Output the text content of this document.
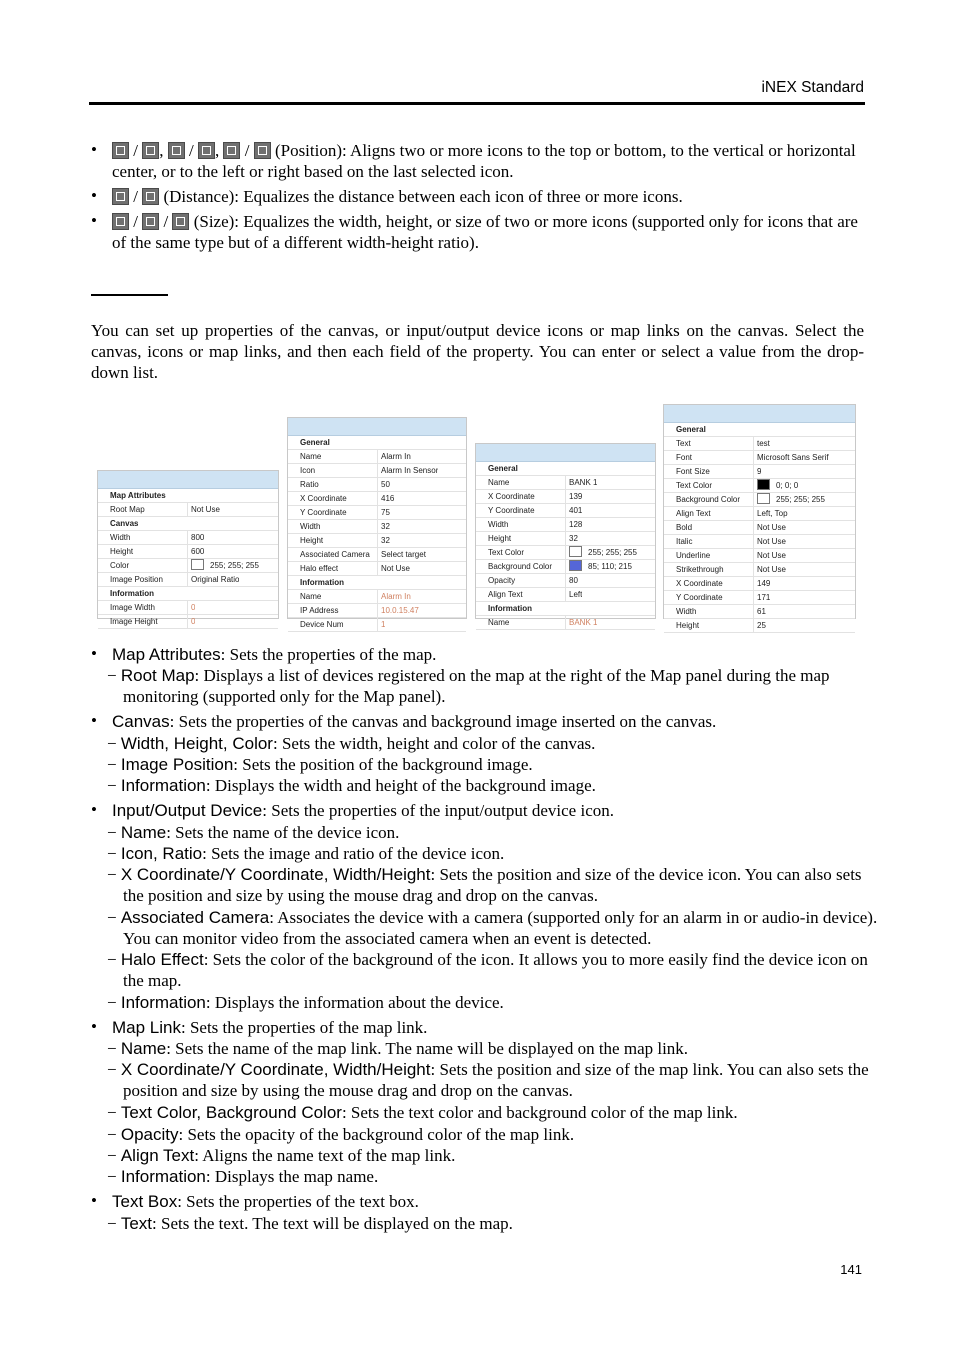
iNEX Standard
•	/ ,  / ,  /  (Position): Aligns two or more icons to the top or bottom, to the vertical or horizontal center, or to the left or right based on the last selected icon.
•	/  (Distance): Equalizes the distance between each icon of three or more icons.
•	/  /  (Size): Equalizes the width, height, or size of two or more icons (supported only for icons that are of the same type but of a different width-height ratio).
You can set up properties of the canvas, or input/output device icons or map links on the canvas. Select the canvas, icons or map links, and then each field of the property. You can enter or select a value from the drop-down list.
Map Attributes
Root Map	Not Use
Canvas
Width	800
Height	600
Color	255; 255; 255
Image Position	Original Ratio
Information
Image Width	0
Image Height	0
General
Name	Alarm In
Icon	Alarm In Sensor
Ratio	50
X Coordinate	416
Y Coordinate	75
Width	32
Height	32
Associated Camera	Select target
Halo effect	Not Use
Information
Name	Alarm In
IP Address	10.0.15.47
Device Num	1
General
Name	BANK 1
X Coordinate	139
Y Coordinate	401
Width	128
Height	32
Text Color	255; 255; 255
Background Color	85; 110; 215
Opacity	80
Align Text	Left
Information
Name	BANK 1
General
Text	test
Font	Microsoft Sans Serif
Font Size	9
Text Color	0; 0; 0
Background Color	255; 255; 255
Align Text	Left, Top
Bold	Not Use
Italic	Not Use
Underline	Not Use
Strikethrough	Not Use
X Coordinate	149
Y Coordinate	171
Width	61
Height	25
• Map Attributes: Sets the properties of the map.
− Root Map: Displays a list of devices registered on the map at the right of the Map panel during the map monitoring (supported only for the Map panel).
• Canvas: Sets the properties of the canvas and background image inserted on the canvas.
− Width, Height, Color: Sets the width, height and color of the canvas.
− Image Position: Sets the position of the background image.
− Information: Displays the width and height of the background image.
• Input/Output Device: Sets the properties of the input/output device icon.
− Name: Sets the name of the device icon.
− Icon, Ratio: Sets the image and ratio of the device icon.
− X Coordinate/Y Coordinate, Width/Height: Sets the position and size of the device icon. You can also sets the position and size by using the mouse drag and drop on the canvas.
− Associated Camera: Associates the device with a camera (supported only for an alarm in or audio-in device). You can monitor video from the associated camera when an event is detected.
− Halo Effect: Sets the color of the background of the icon. It allows you to more easily find the device icon on the map.
− Information: Displays the information about the device.
• Map Link: Sets the properties of the map link.
− Name: Sets the name of the map link. The name will be displayed on the map link.
− X Coordinate/Y Coordinate, Width/Height: Sets the position and size of the map link. You can also sets the position and size by using the mouse drag and drop on the canvas.
− Text Color, Background Color: Sets the text color and background color of the map link.
− Opacity: Sets the opacity of the background color of the map link.
− Align Text: Aligns the name text of the map link.
− Information: Displays the map name.
• Text Box: Sets the properties of the text box.
− Text: Sets the text. The text will be displayed on the map.
141
